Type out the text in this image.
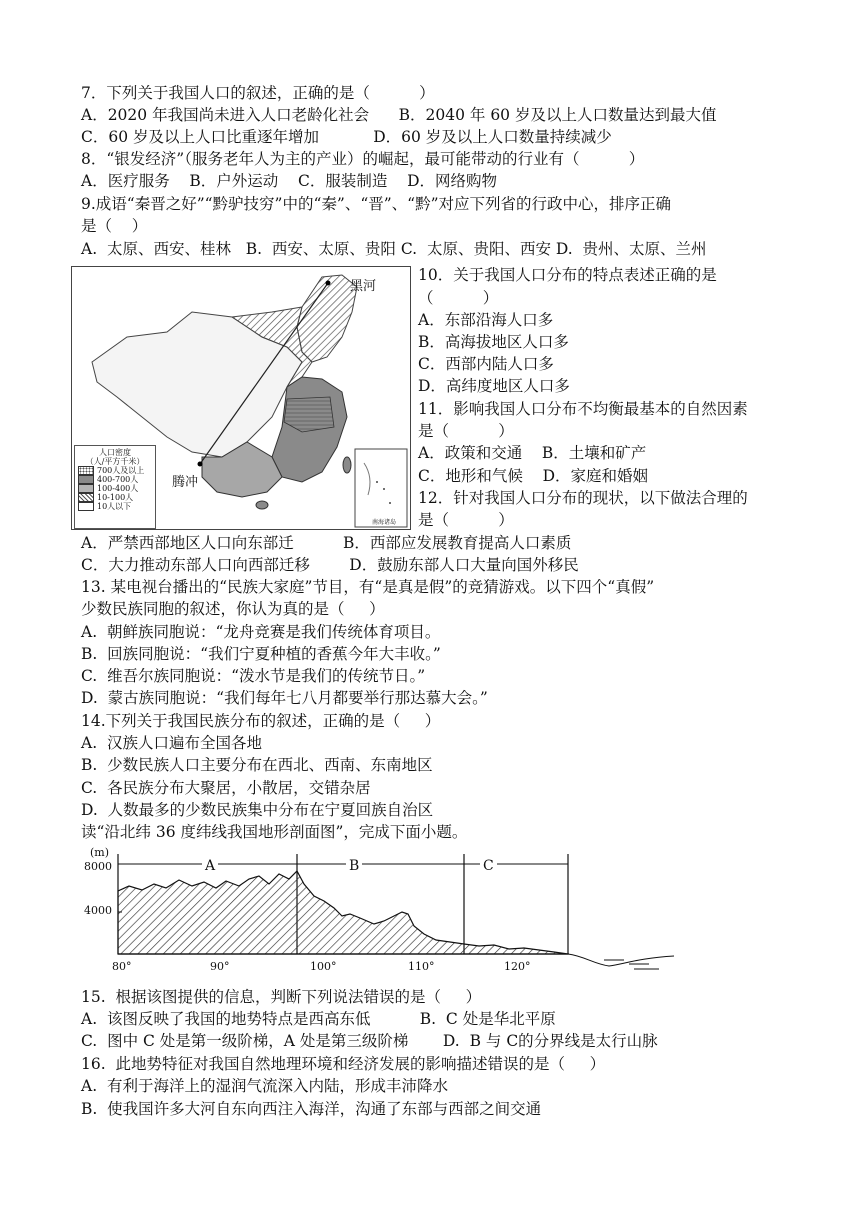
7．下列关于我国人口的叙述，正确的是（          ）
A．2020 年我国尚未进入人口老龄化社会      B．2040 年 60 岁及以上人口数量达到最大值
C．60 岁及以上人口比重逐年增加           D．60 岁及以上人口数量持续减少
8．“银发经济”（服务老年人为主的产业）的崛起，最可能带动的行业有（          ）
A．医疗服务    B．户外运动    C．服装制造    D．网络购物
9.成语“秦晋之好”“黔驴技穷”中的“秦”、“晋”、“黔”对应下列省的行政中心，排序正确
是（    ）
A.  太原、西安、桂林   B.  西安、太原、贵阳 C.  太原、贵阳、西安 D.  贵州、太原、兰州
黑河
腾冲
南海诸岛
人口密度
（人/平方千米）
700人及以上
400-700人
100-400人
10-100人
10人以下
10．关于我国人口分布的特点表述正确的是
（          ）
A．东部沿海人口多
B．高海拔地区人口多
C．西部内陆人口多
D．高纬度地区人口多
11．影响我国人口分布不均衡最基本的自然因素
是（          ）
A．政策和交通    B．土壤和矿产
C．地形和气候    D．家庭和婚姻
12．针对我国人口分布的现状，以下做法合理的
是（          ）
A．严禁西部地区人口向东部迁          B．西部应发展教育提高人口素质
C．大力推动东部人口向西部迁移        D．鼓励东部人口大量向国外移民
13. 某电视台播出的“民族大家庭”节目，有“是真是假”的竞猜游戏。以下四个“真假”
少数民族同胞的叙述，你认为真的是（     ）
A.  朝鲜族同胞说：“龙舟竞赛是我们传统体育项目。
B.  回族同胞说：“我们宁夏种植的香蕉今年大丰收。”
C.  维吾尔族同胞说：“泼水节是我们的传统节日。”
D.  蒙古族同胞说：“我们每年七八月都要举行那达慕大会。”
14.下列关于我国民族分布的叙述，正确的是（     ）
A.  汉族人口遍布全国各地
B.  少数民族人口主要分布在西北、西南、东南地区
C.  各民族分布大聚居，小散居，交错杂居
D.  人数最多的少数民族集中分布在宁夏回族自治区
读“沿北纬 36 度纬线我国地形剖面图”，完成下面小题。
(m)
8000
4000
A	B	C
80°	90°	100°	110°	120°
15.  根据该图提供的信息，判断下列说法错误的是（     ）
A.  该图反映了我国的地势特点是西高东低          B.  C 处是华北平原
C.  图中 C 处是第一级阶梯，A 处是第三级阶梯       D.  B 与 C的分界线是太行山脉
16.  此地势特征对我国自然地理环境和经济发展的影响描述错误的是（     ）
A.  有利于海洋上的湿润气流深入内陆，形成丰沛降水
B.  使我国许多大河自东向西注入海洋，沟通了东部与西部之间交通
